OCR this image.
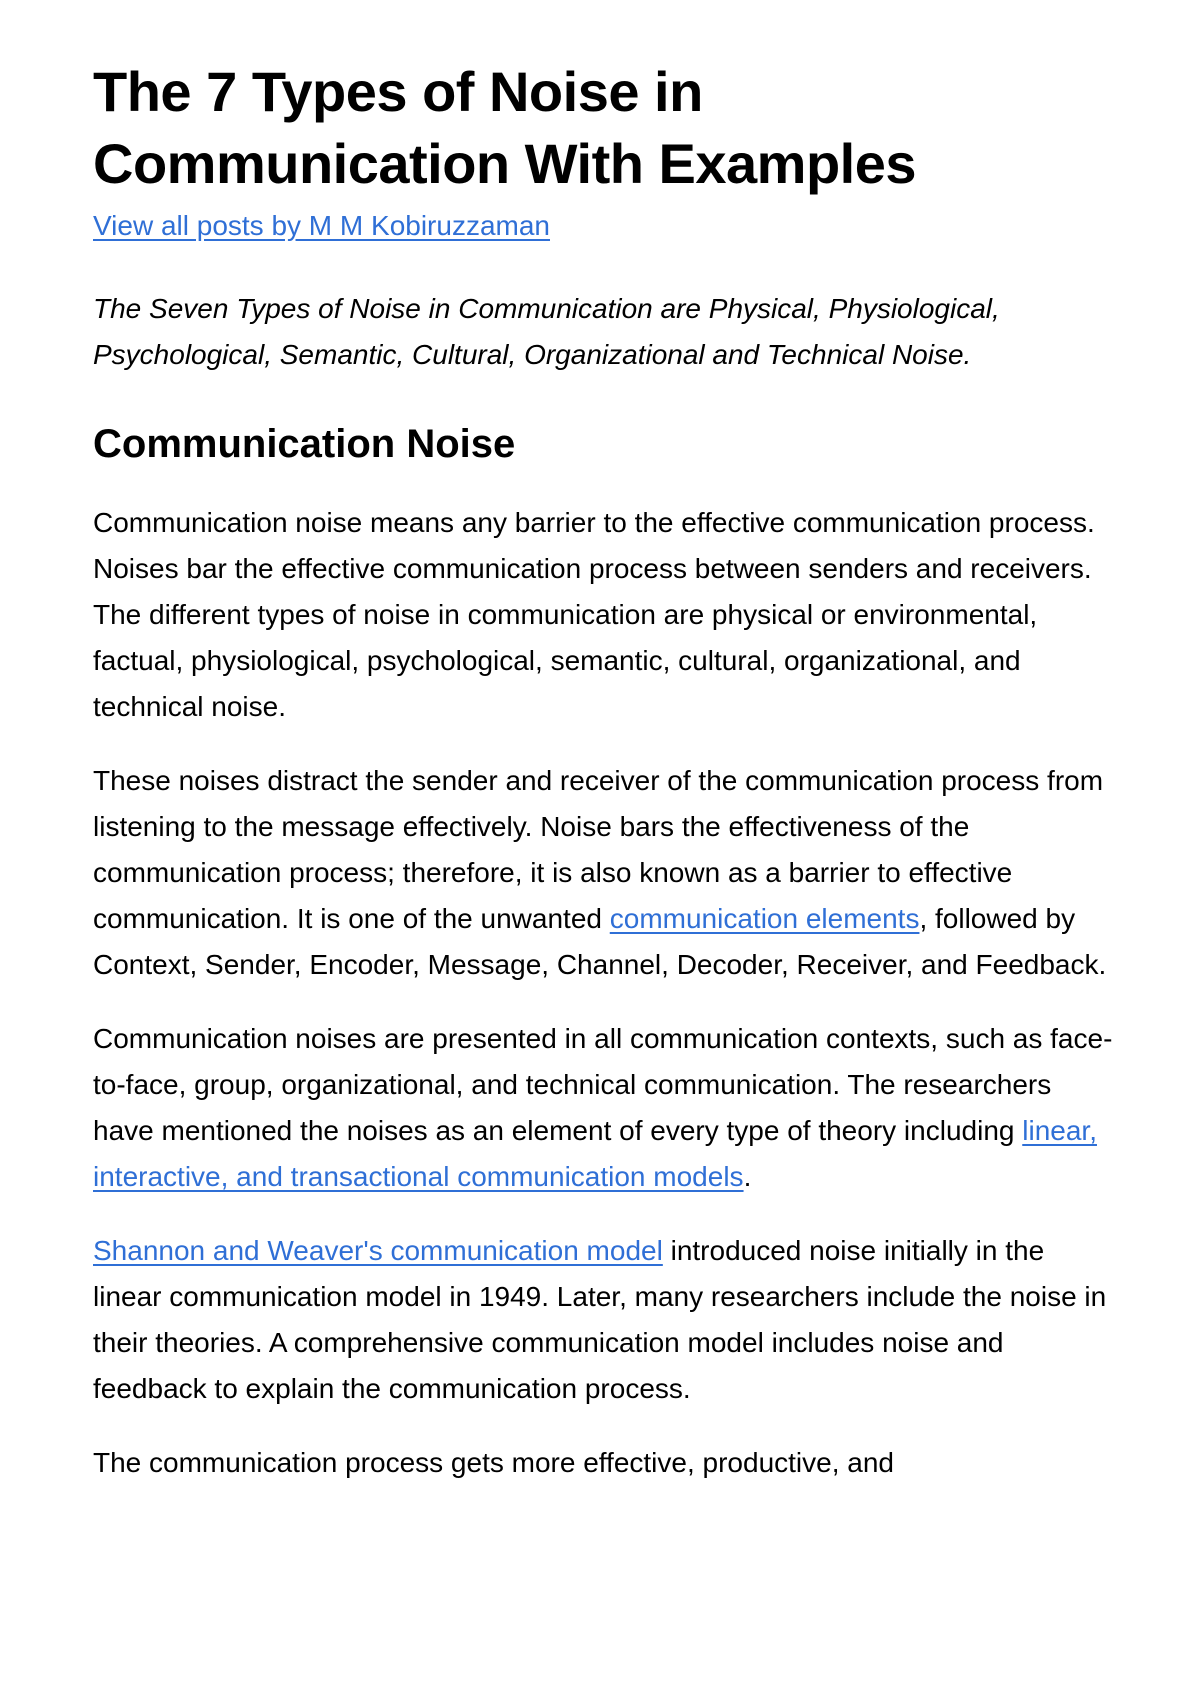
The 7 Types of Noise in
Communication With Examples
View all posts by M M Kobiruzzaman

The Seven Types of Noise in Communication are Physical, Physiological, Psychological, Semantic, Cultural, Organizational and Technical Noise.

Communication Noise

Communication noise means any barrier to the effective communication process. Noises bar the effective communication process between senders and receivers. The different types of noise in communication are physical or environmental, factual, physiological, psychological, semantic, cultural, organizational, and technical noise.

These noises distract the sender and receiver of the communication process from listening to the message effectively. Noise bars the effectiveness of the communication process; therefore, it is also known as a barrier to effective communication. It is one of the unwanted communication elements, followed by Context, Sender, Encoder, Message, Channel, Decoder, Receiver, and Feedback.

Communication noises are presented in all communication contexts, such as face-to-face, group, organizational, and technical communication. The researchers have mentioned the noises as an element of every type of theory including linear, interactive, and transactional communication models.

Shannon and Weaver's communication model introduced noise initially in the linear communication model in 1949. Later, many researchers include the noise in their theories. A comprehensive communication model includes noise and feedback to explain the communication process.

The communication process gets more effective, productive, and
